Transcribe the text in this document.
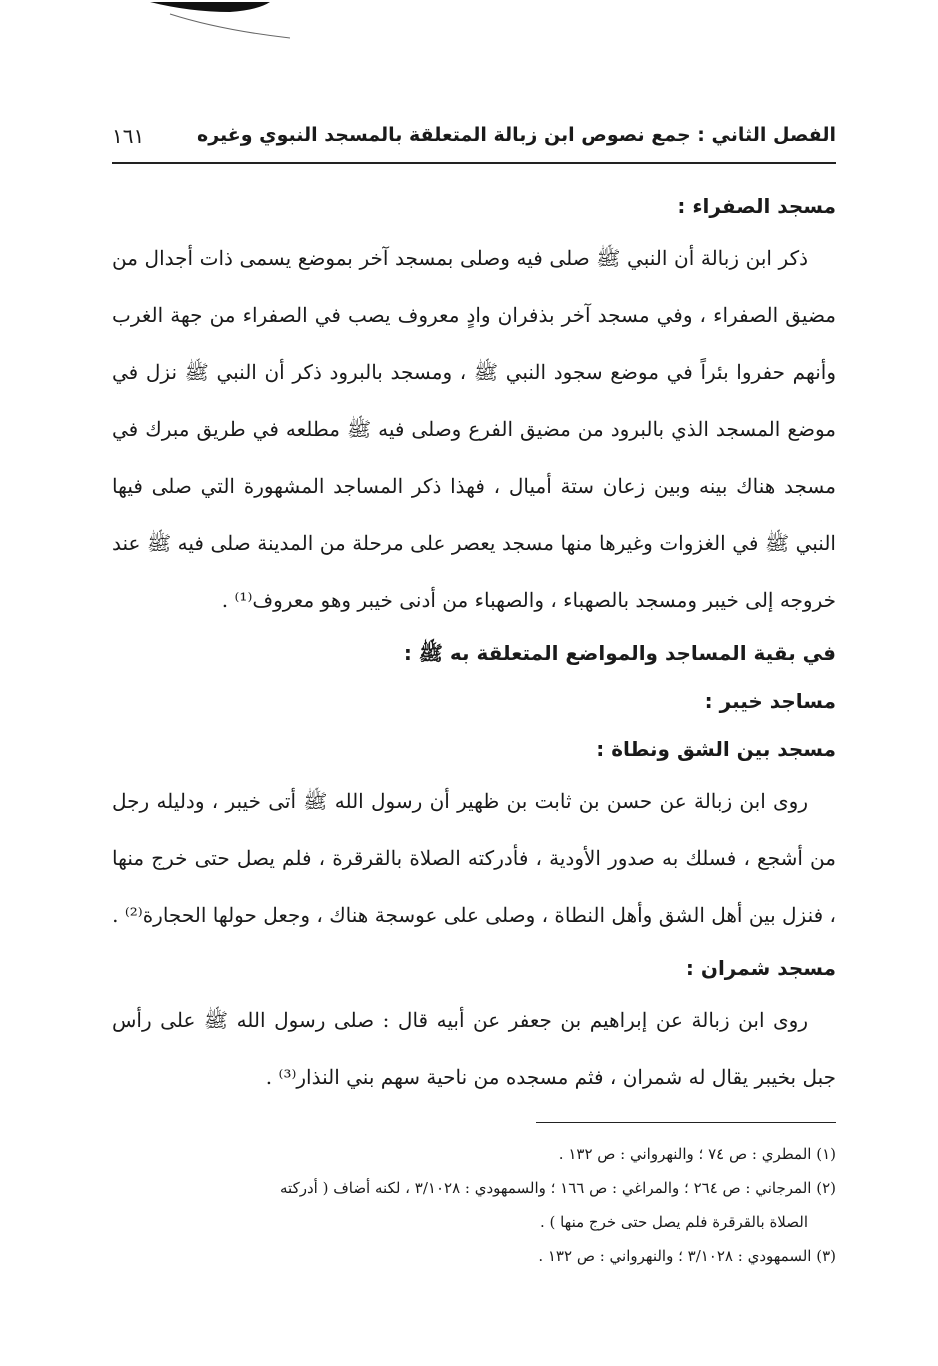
الفصل الثاني : جمع نصوص ابن زبالة المتعلقة بالمسجد النبوي وغيره
١٦١
مسجد الصفراء :

ذكر ابن زبالة أن النبي ﷺ صلى فيه وصلى بمسجد آخر بموضع يسمى ذات أجدال من مضيق الصفراء ، وفي مسجد آخر بذفران وادٍ معروف يصب في الصفراء من جهة الغرب وأنهم حفروا بئراً في موضع سجود النبي ﷺ ، ومسجد بالبرود ذكر أن النبي ﷺ نزل في موضع المسجد الذي بالبرود من مضيق الفرع وصلى فيه ﷺ مطلعه في طريق مبرك في مسجد هناك بينه وبين زعان ستة أميال ، فهذا ذكر المساجد المشهورة التي صلى فيها النبي ﷺ في الغزوات وغيرها منها مسجد يعصر على مرحلة من المدينة صلى فيه ﷺ عند خروجه إلى خيبر ومسجد بالصهباء ، والصهباء من أدنى خيبر وهو معروف⁽¹⁾ .

في بقية المساجد والمواضع المتعلقة به ﷺ :
مساجد خيبر :
مسجد بين الشق ونطاة :

روى ابن زبالة عن حسن بن ثابت بن ظهير أن رسول الله ﷺ أتى خيبر ، ودليله رجل من أشجع ، فسلك به صدور الأودية ، فأدركته الصلاة بالقرقرة ، فلم يصل حتى خرج منها ، فنزل بين أهل الشق وأهل النطاة ، وصلى على عوسجة هناك ، وجعل حولها الحجارة⁽²⁾ .

مسجد شمران :

روى ابن زبالة عن إبراهيم بن جعفر عن أبيه قال : صلى رسول الله ﷺ على رأس جبل بخيبر يقال له شمران ، فثم مسجده من ناحية سهم بني النذار⁽³⁾ .

(١) المطري : ص ٧٤ ؛ والنهرواني : ص ١٣٢ .

(٢) المرجاني : ص ٢٦٤ ؛ والمراغي : ص ١٦٦ ؛ والسمهودي : ٣/١٠٢٨ ، لكنه أضاف ( أدركته

الصلاة بالقرقرة فلم يصل حتى خرج منها ) .

(٣) السمهودي : ٣/١٠٢٨ ؛ والنهرواني : ص ١٣٢ .
